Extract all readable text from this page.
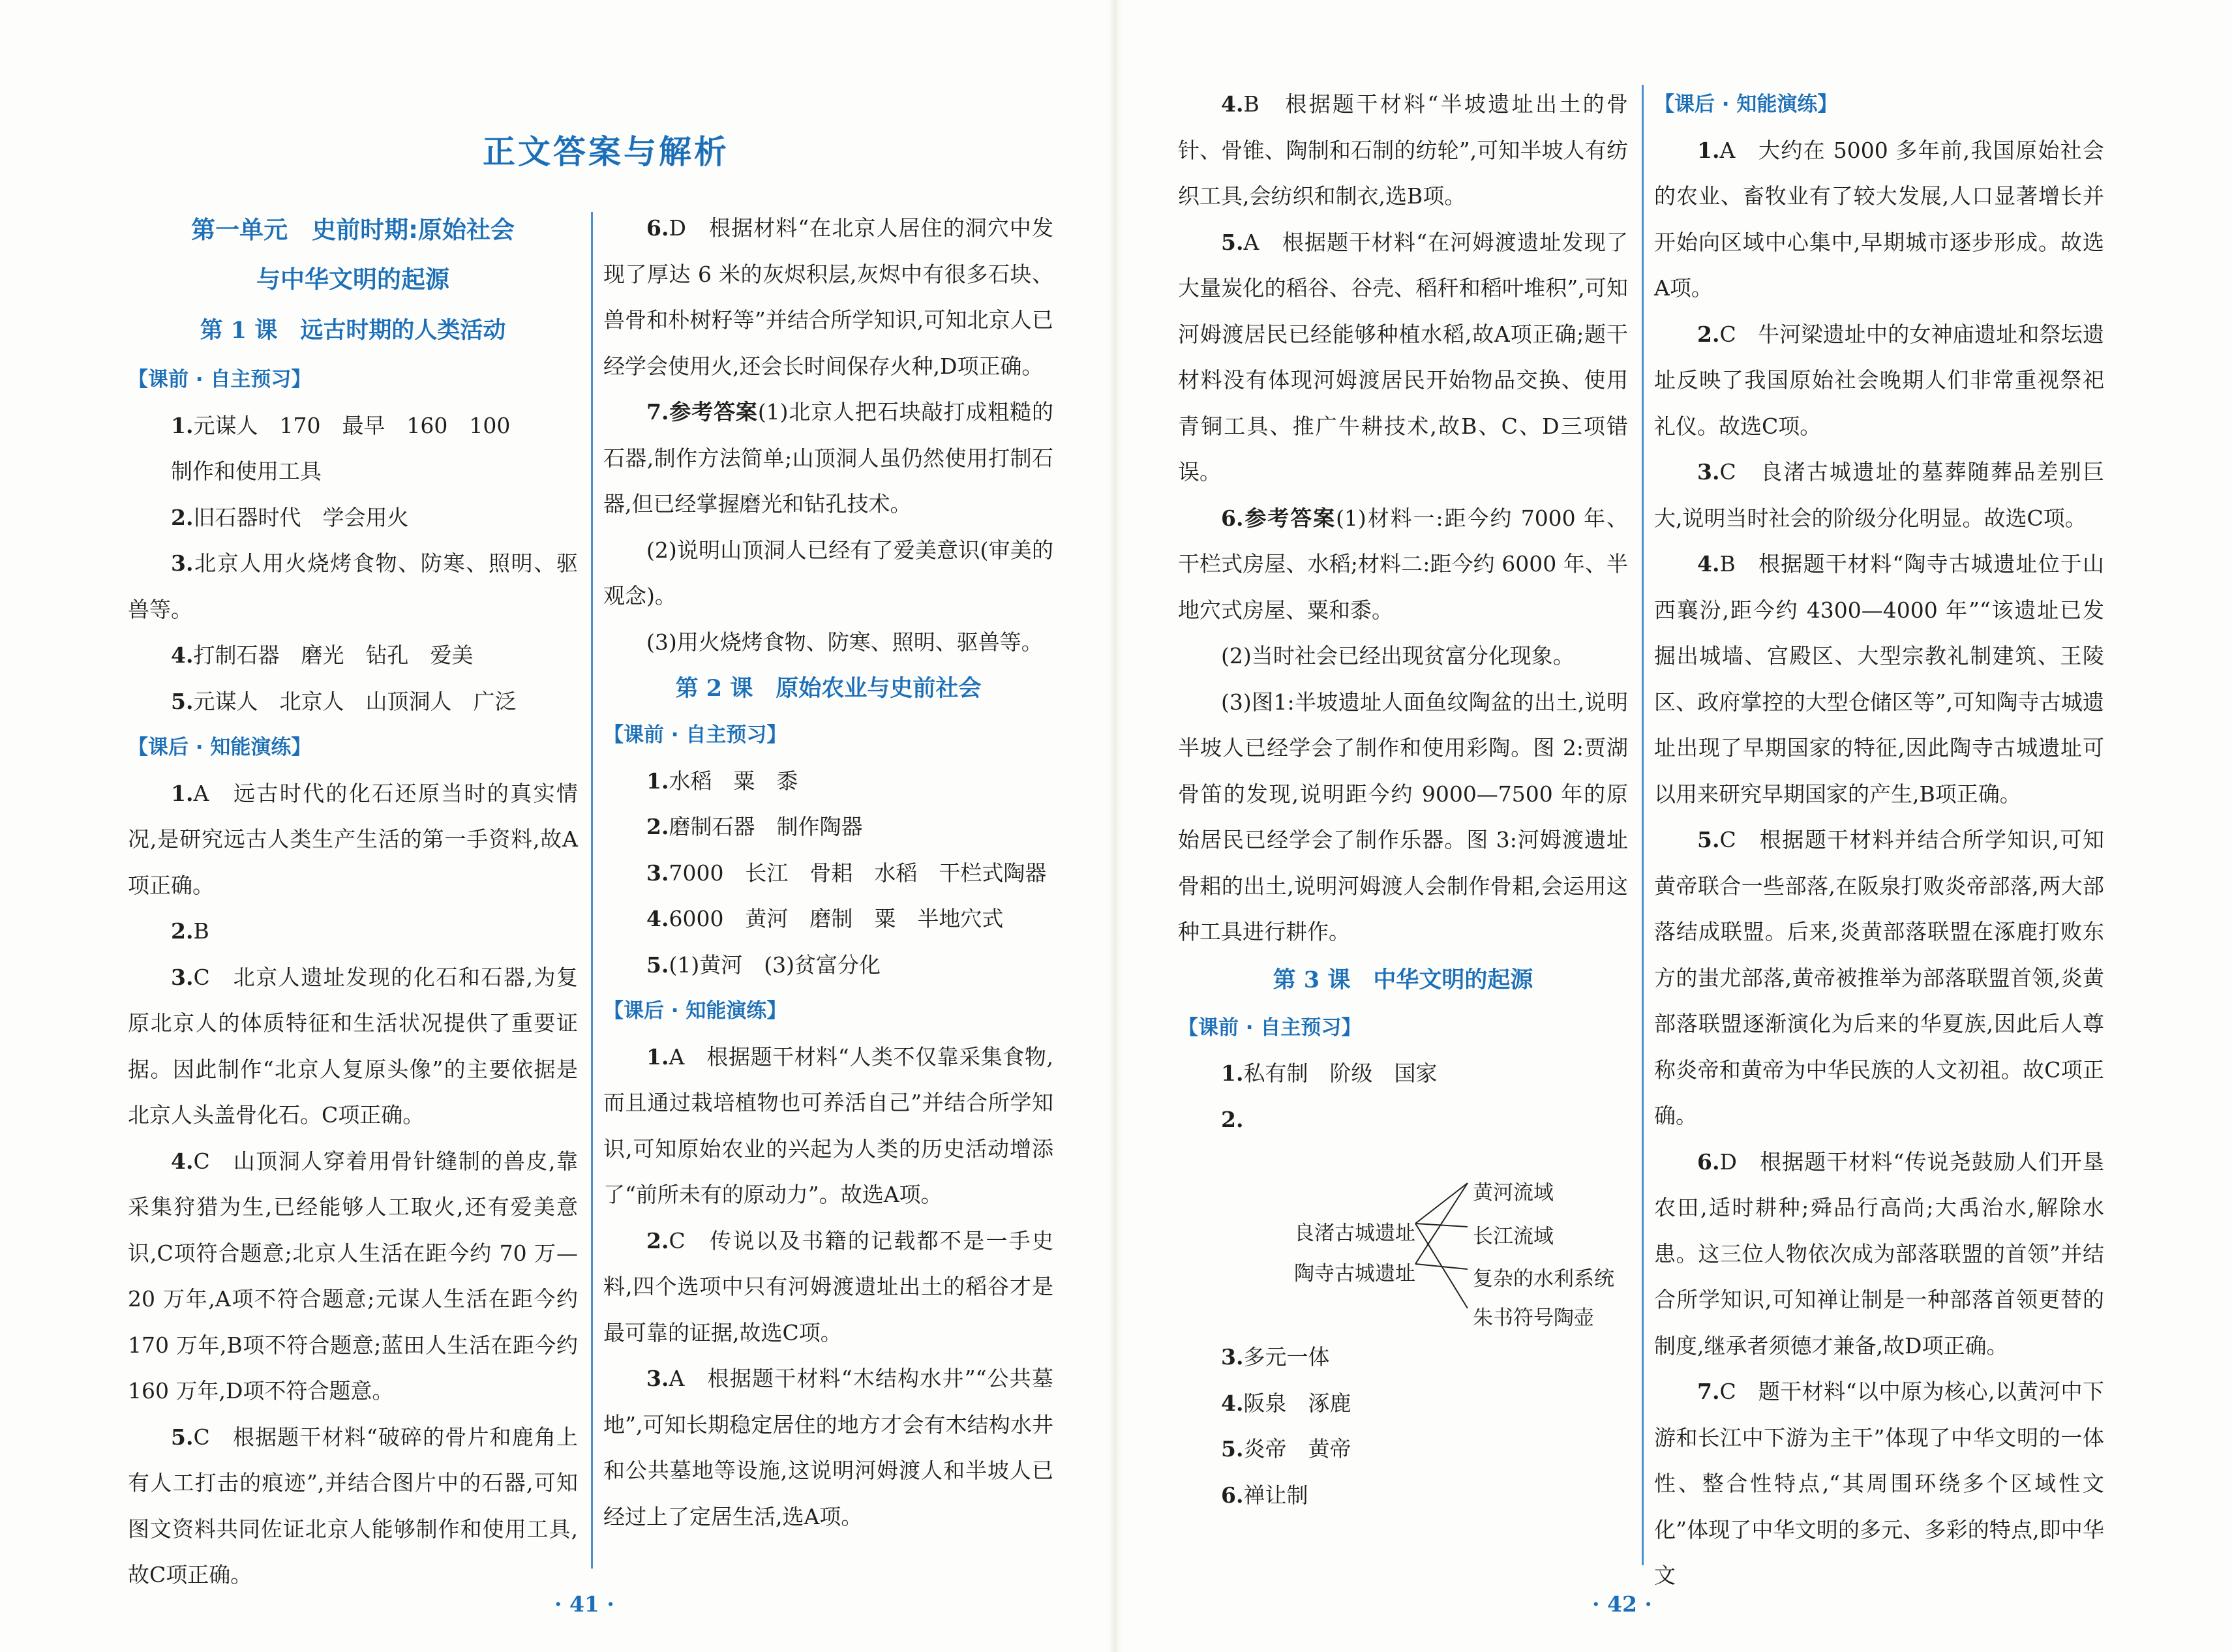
正文答案与解析
第一单元　史前时期:原始社会
与中华文明的起源
第 1 课　远古时期的人类活动
【课前 · 自主预习】

1.元谋人　170　最早　160　100

制作和使用工具

2.旧石器时代　学会用火

3.北京人用火烧烤食物、防寒、照明、驱兽等。

4.打制石器　磨光　钻孔　爱美

5.元谋人　北京人　山顶洞人　广泛

【课后 · 知能演练】

1.A　远古时代的化石还原当时的真实情况,是研究远古人类生产生活的第一手资料,故A项正确。

2.B

3.C　北京人遗址发现的化石和石器,为复原北京人的体质特征和生活状况提供了重要证据。因此制作“北京人复原头像”的主要依据是北京人头盖骨化石。C项正确。

4.C　山顶洞人穿着用骨针缝制的兽皮,靠采集狩猎为生,已经能够人工取火,还有爱美意识,C项符合题意;北京人生活在距今约 70 万—20 万年,A项不符合题意;元谋人生活在距今约 170 万年,B项不符合题意;蓝田人生活在距今约 160 万年,D项不符合题意。

5.C　根据题干材料“破碎的骨片和鹿角上有人工打击的痕迹”,并结合图片中的石器,可知图文资料共同佐证北京人能够制作和使用工具,故C项正确。

6.D　根据材料“在北京人居住的洞穴中发现了厚达 6 米的灰烬积层,灰烬中有很多石块、兽骨和朴树籽等”并结合所学知识,可知北京人已经学会使用火,还会长时间保存火种,D项正确。

7.参考答案(1)北京人把石块敲打成粗糙的石器,制作方法简单;山顶洞人虽仍然使用打制石器,但已经掌握磨光和钻孔技术。

(2)说明山顶洞人已经有了爱美意识(审美的观念)。

(3)用火烧烤食物、防寒、照明、驱兽等。

第 2 课　原始农业与史前社会
【课前 · 自主预习】

1.水稻　粟　黍

2.磨制石器　制作陶器

3.7000　长江　骨耜　水稻　干栏式陶器

4.6000　黄河　磨制　粟　半地穴式

5.(1)黄河　(3)贫富分化

【课后 · 知能演练】

1.A　根据题干材料“人类不仅靠采集食物,而且通过栽培植物也可养活自己”并结合所学知识,可知原始农业的兴起为人类的历史活动增添了“前所未有的原动力”。故选A项。

2.C　传说以及书籍的记载都不是一手史料,四个选项中只有河姆渡遗址出土的稻谷才是最可靠的证据,故选C项。

3.A　根据题干材料“木结构水井”“公共墓地”,可知长期稳定居住的地方才会有木结构水井和公共墓地等设施,这说明河姆渡人和半坡人已经过上了定居生活,选A项。

· 41 ·

4.B　根据题干材料“半坡遗址出土的骨针、骨锥、陶制和石制的纺轮”,可知半坡人有纺织工具,会纺织和制衣,选B项。

5.A　根据题干材料“在河姆渡遗址发现了大量炭化的稻谷、谷壳、稻秆和稻叶堆积”,可知河姆渡居民已经能够种植水稻,故A项正确;题干材料没有体现河姆渡居民开始物品交换、使用青铜工具、推广牛耕技术,故B、C、D三项错误。

6.参考答案(1)材料一:距今约 7000 年、干栏式房屋、水稻;材料二:距今约 6000 年、半地穴式房屋、粟和黍。

(2)当时社会已经出现贫富分化现象。

(3)图1:半坡遗址人面鱼纹陶盆的出土,说明半坡人已经学会了制作和使用彩陶。图 2:贾湖骨笛的发现,说明距今约 9000—7500 年的原始居民已经学会了制作乐器。图 3:河姆渡遗址骨耜的出土,说明河姆渡人会制作骨耜,会运用这种工具进行耕作。

第 3 课　中华文明的起源
【课前 · 自主预习】

1.私有制　阶级　国家

2.

良渚古城遗址
陶寺古城遗址
黄河流域
长江流域
复杂的水利系统
朱书符号陶壶

3.多元一体

4.阪泉　涿鹿

5.炎帝　黄帝

6.禅让制

【课后 · 知能演练】

1.A　大约在 5000 多年前,我国原始社会的农业、畜牧业有了较大发展,人口显著增长并开始向区域中心集中,早期城市逐步形成。故选A项。

2.C　牛河梁遗址中的女神庙遗址和祭坛遗址反映了我国原始社会晚期人们非常重视祭祀礼仪。故选C项。

3.C　良渚古城遗址的墓葬随葬品差别巨大,说明当时社会的阶级分化明显。故选C项。

4.B　根据题干材料“陶寺古城遗址位于山西襄汾,距今约 4300—4000 年”“该遗址已发掘出城墙、宫殿区、大型宗教礼制建筑、王陵区、政府掌控的大型仓储区等”,可知陶寺古城遗址出现了早期国家的特征,因此陶寺古城遗址可以用来研究早期国家的产生,B项正确。

5.C　根据题干材料并结合所学知识,可知黄帝联合一些部落,在阪泉打败炎帝部落,两大部落结成联盟。后来,炎黄部落联盟在涿鹿打败东方的蚩尤部落,黄帝被推举为部落联盟首领,炎黄部落联盟逐渐演化为后来的华夏族,因此后人尊称炎帝和黄帝为中华民族的人文初祖。故C项正确。

6.D　根据题干材料“传说尧鼓励人们开垦农田,适时耕种;舜品行高尚;大禹治水,解除水患。这三位人物依次成为部落联盟的首领”并结合所学知识,可知禅让制是一种部落首领更替的制度,继承者须德才兼备,故D项正确。

7.C　题干材料“以中原为核心,以黄河中下游和长江中下游为主干”体现了中华文明的一体性、整合性特点,“其周围环绕多个区域性文化”体现了中华文明的多元、多彩的特点,即中华文

· 42 ·
